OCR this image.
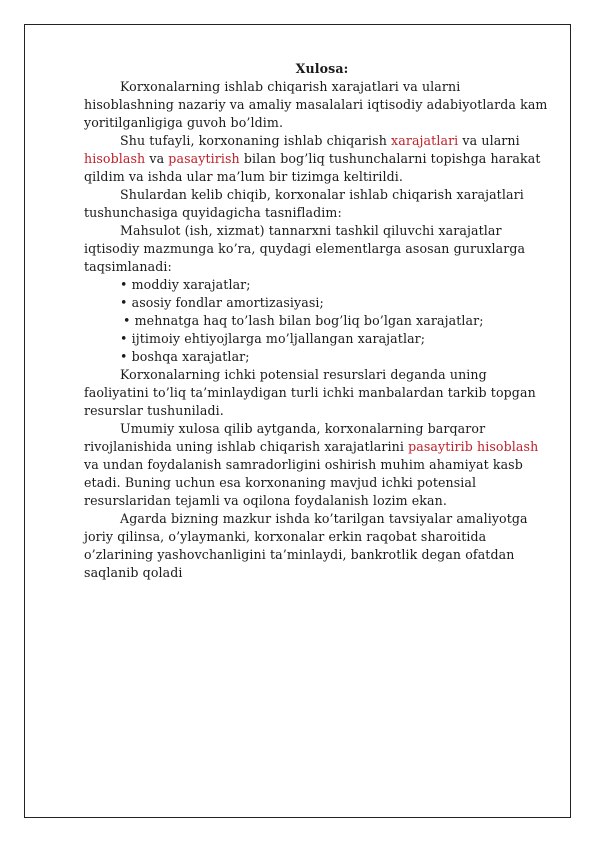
Xulosa:

Korxonalarning ishlab chiqarish xarajatlari va ularni hisoblashning nazariy va amaliy masalalari iqtisodiy adabiyotlarda kam yoritilganligiga guvoh bo’ldim.

Shu tufayli, korxonaning ishlab chiqarish xarajatlari va ularni hisoblash va pasaytirish bilan bog’liq tushunchalarni topishga harakat qildim va ishda ular ma’lum bir tizimga keltirildi.

Shulardan kelib chiqib, korxonalar ishlab chiqarish xarajatlari tushunchasiga quyidagicha tasnifladim:

Mahsulot (ish, xizmat) tannarxni tashkil qiluvchi xarajatlar iqtisodiy mazmunga ko’ra, quydagi elementlarga asosan guruxlarga taqsimlanadi:

• moddiy xarajatlar;

• asosiy fondlar amortizasiyasi;

• mehnatga haq to’lash bilan bog’liq bo’lgan xarajatlar;

• ijtimoiy ehtiyojlarga mo’ljallangan xarajatlar;

• boshqa xarajatlar;

Korxonalarning ichki potensial resurslari deganda uning faoliyatini to’liq ta’minlaydigan turli ichki manbalardan tarkib topgan resurslar tushuniladi.

Umumiy xulosa qilib aytganda, korxonalarning barqaror rivojlanishida uning ishlab chiqarish xarajatlarini pasaytirib hisoblash va undan foydalanish samradorligini oshirish muhim ahamiyat kasb etadi. Buning uchun esa korxonaning mavjud ichki potensial resurslaridan tejamli va oqilona foydalanish lozim ekan.

Agarda bizning mazkur ishda ko’tarilgan tavsiyalar amaliyotga joriy qilinsa, o’ylaymanki, korxonalar erkin raqobat sharoitida o’zlarining yashovchanligini ta’minlaydi, bankrotlik degan ofatdan saqlanib qoladi
